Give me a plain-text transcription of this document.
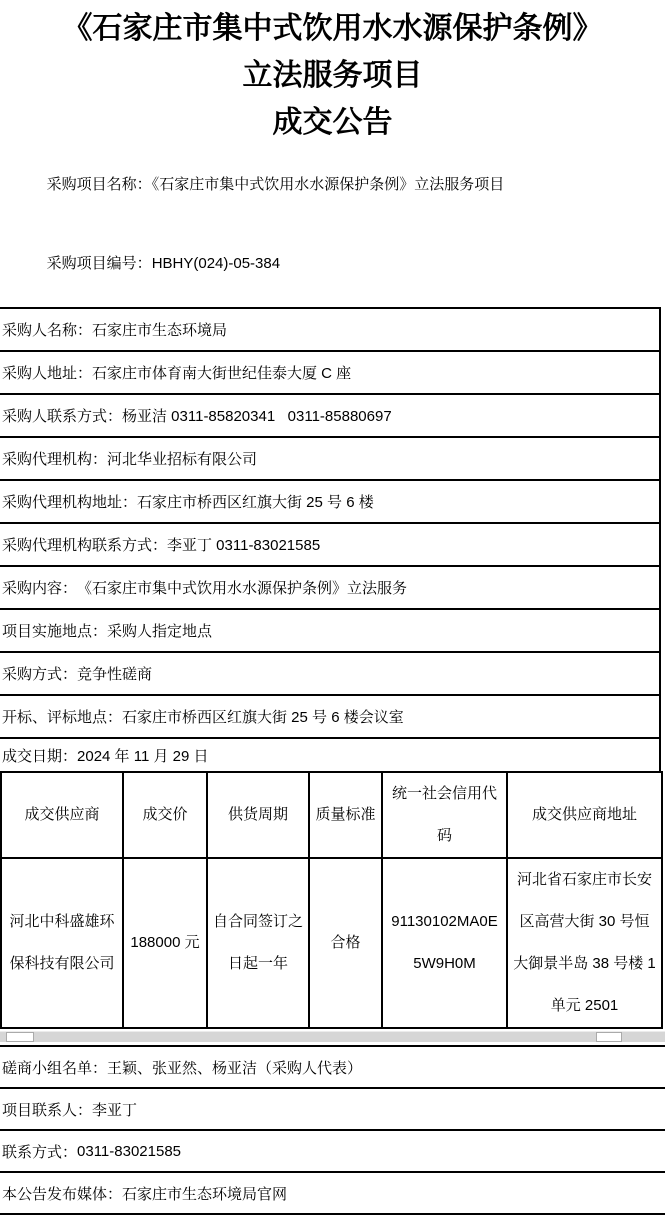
《石家庄市集中式饮用水水源保护条例》
立法服务项目
成交公告

采购项目名称：《石家庄市集中式饮用水水源保护条例》立法服务项目

采购项目编号：HBHY(024)-05-384

采购人名称： 石家庄市生态环境局
采购人地址： 石家庄市体育南大街世纪佳泰大厦 C 座
采购人联系方式： 杨亚洁 0311-85820341   0311-85880697
采购代理机构： 河北华业招标有限公司
采购代理机构地址： 石家庄市桥西区红旗大街 25 号 6 楼
采购代理机构联系方式： 李亚丁 0311-83021585
采购内容： 《石家庄市集中式饮用水水源保护条例》立法服务
项目实施地点： 采购人指定地点
采购方式： 竞争性磋商
开标、评标地点： 石家庄市桥西区红旗大街 25 号 6 楼会议室
成交日期： 2024 年 11 月 29 日
成交供应商	成交价	供货周期	质量标准	统一社会信用代码	成交供应商地址
河北中科盛雄环保科技有限公司	188000 元	自合同签订之日起一年	合格	91130102MA0E5W9H0M	河北省石家庄市长安区高营大街 30 号恒大御景半岛 38 号楼 1 单元 2501
磋商小组名单： 王颖、张亚然、杨亚洁（采购人代表）
项目联系人： 李亚丁
联系方式： 0311-83021585
本公告发布媒体： 石家庄市生态环境局官网
